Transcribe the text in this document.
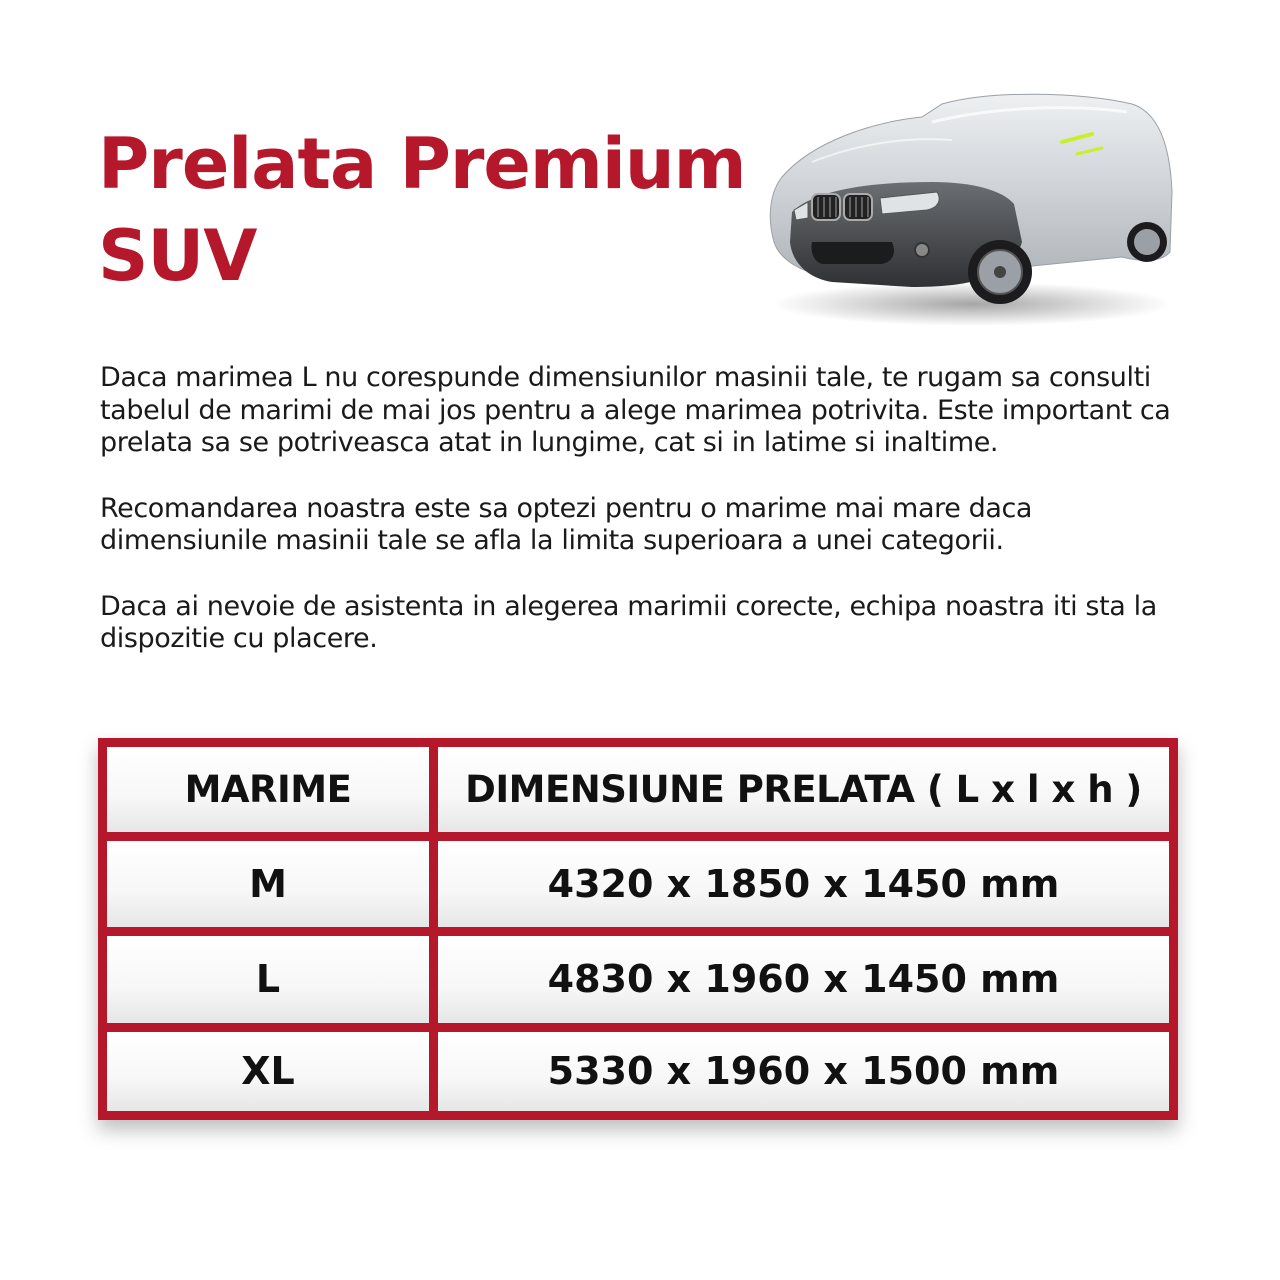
Prelata Premium
SUV

Daca marimea L nu corespunde dimensiunilor masinii tale, te rugam sa consulti tabelul de marimi de mai jos pentru a alege marimea potrivita. Este important ca prelata sa se potriveasca atat in lungime, cat si in latime si inaltime.

Recomandarea noastra este sa optezi pentru o marime mai mare daca dimensiunile masinii tale se afla la limita superioara a unei categorii.

Daca ai nevoie de asistenta in alegerea marimii corecte, echipa noastra iti sta la dispozitie cu placere.

MARIME	DIMENSIUNE PRELATA ( L x l x h )
M	4320 x 1850 x 1450 mm
L	4830 x 1960 x 1450 mm
XL	5330 x 1960 x 1500 mm
